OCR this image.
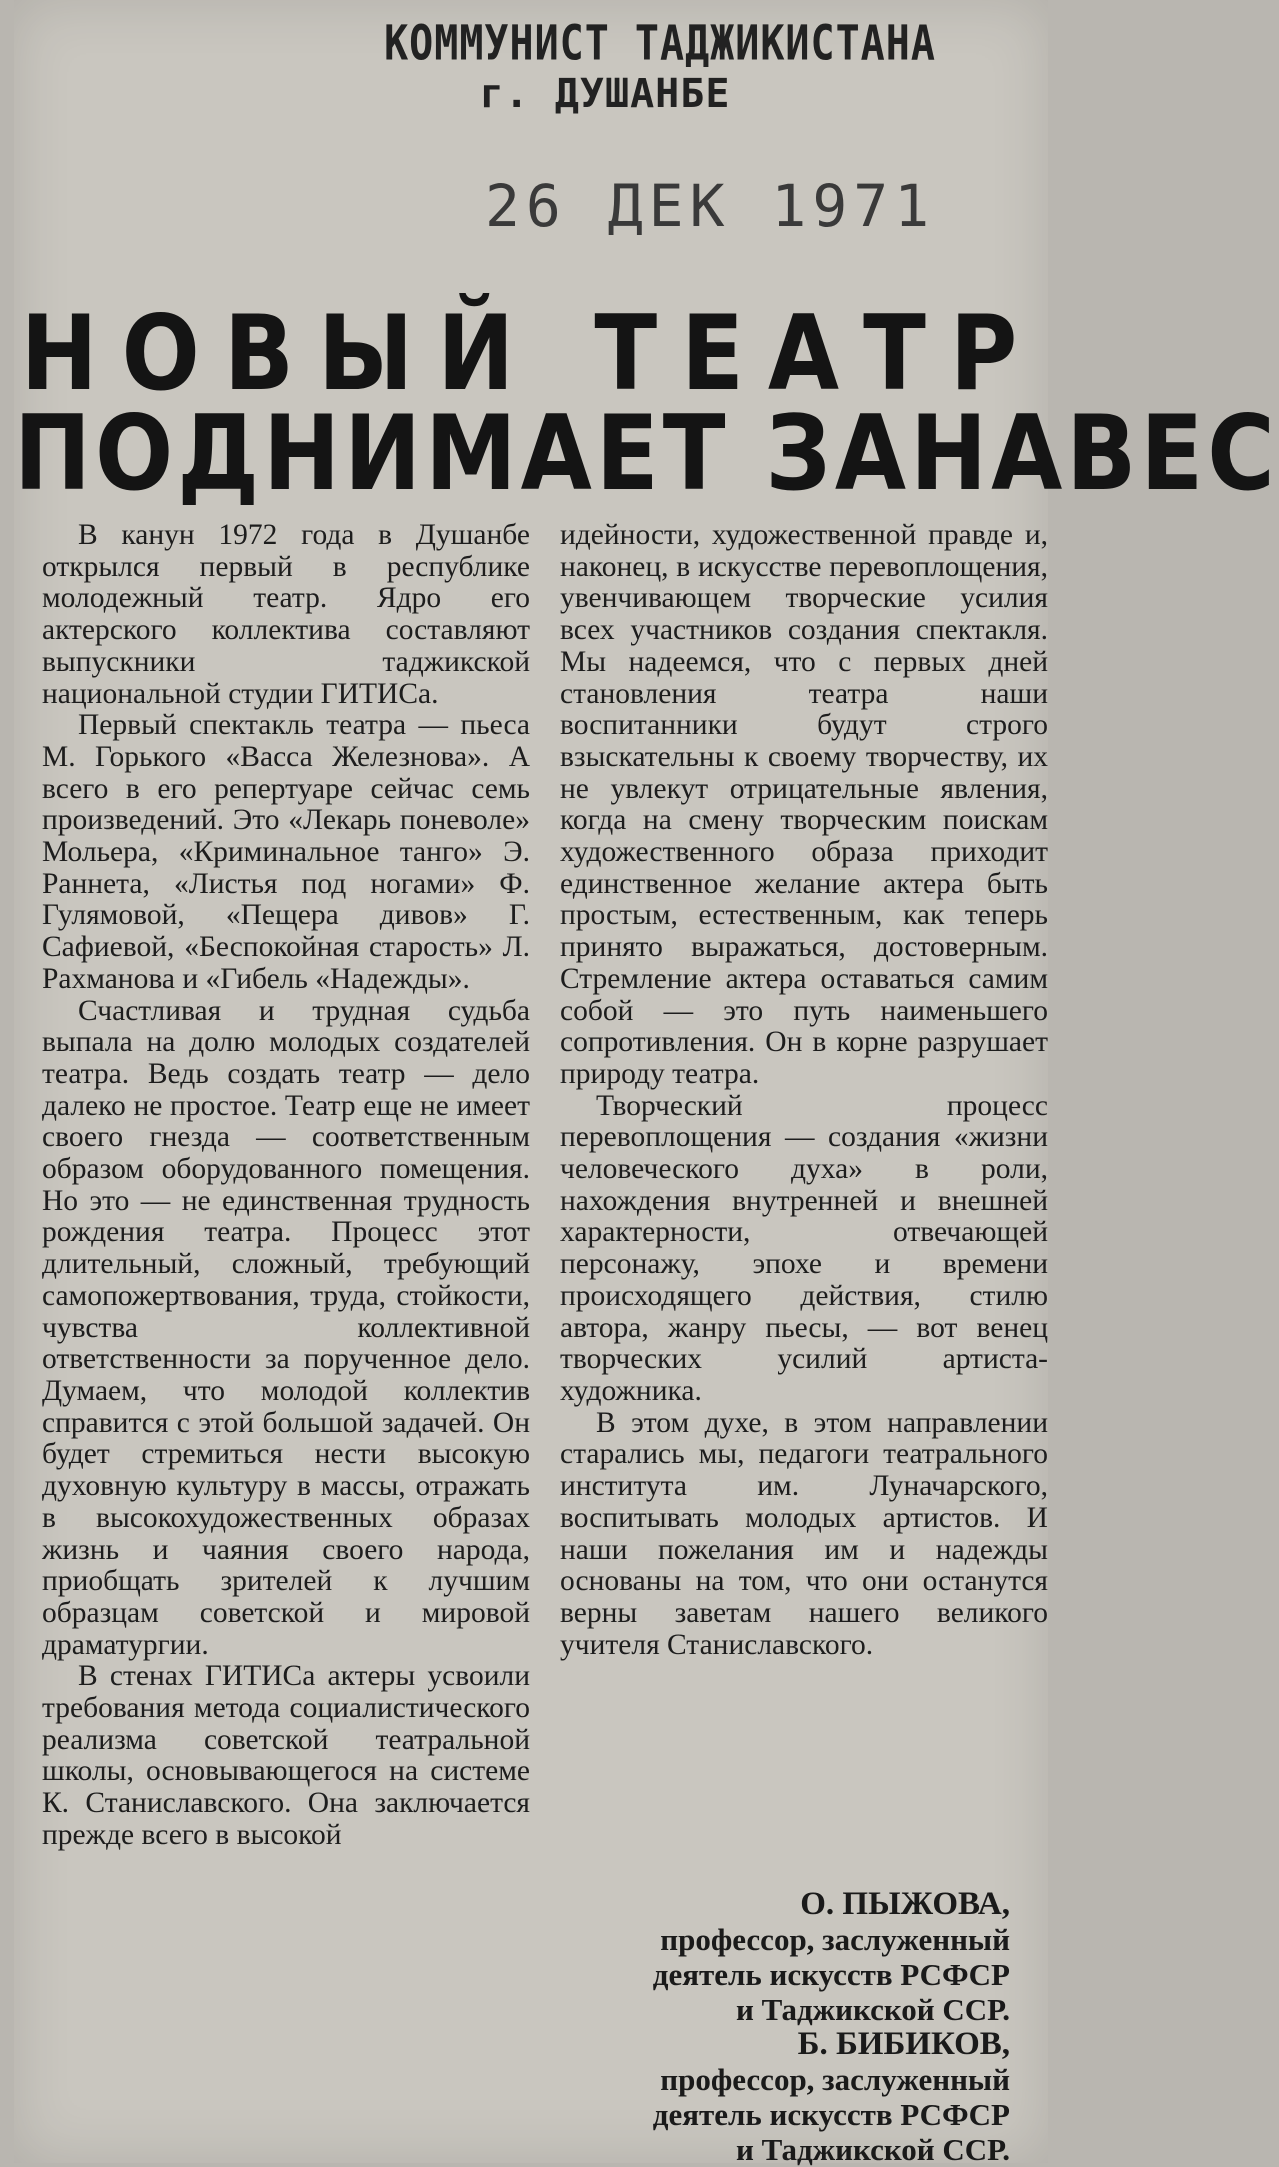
КОММУНИСТ ТАДЖИКИСТАНА
г. ДУШАНБЕ
26 ДЕК 1971
НОВЫЙ ТЕАТР
ПОДНИМАЕТ ЗАНАВЕС

В канун 1972 года в Душанбе открылся первый в республике молодежный театр. Ядро его актерского коллектива составляют выпускники таджикской национальной студии ГИТИСа.

Первый спектакль театра — пьеса М. Горького «Васса Железнова». А всего в его репертуаре сейчас семь произведений. Это «Лекарь поневоле» Мольера, «Криминальное танго» Э. Раннета, «Листья под ногами» Ф. Гулямовой, «Пещера дивов» Г. Сафиевой, «Беспокойная старость» Л. Рахманова и «Гибель «Надежды».

Счастливая и трудная судьба выпала на долю молодых создателей театра. Ведь создать театр — дело далеко не простое. Театр еще не имеет своего гнезда — соответственным образом оборудованного помещения. Но это — не единственная трудность рождения театра. Процесс этот длительный, сложный, требующий самопожертвования, труда, стойкости, чувства коллективной ответственности за порученное дело. Думаем, что молодой коллектив справится с этой большой задачей. Он будет стремиться нести высокую духовную культуру в массы, отражать в высокохудожественных образах жизнь и чаяния своего народа, приобщать зрителей к лучшим образцам советской и мировой драматургии.

В стенах ГИТИСа актеры усвоили требования метода социалистического реализма советской театральной школы, основывающегося на системе К. Станиславского. Она заключается прежде всего в высокой

идейности, художественной правде и, наконец, в искусстве перевоплощения, увенчивающем творческие усилия всех участников создания спектакля. Мы надеемся, что с первых дней становления театра наши воспитанники будут строго взыскательны к своему творчеству, их не увлекут отрицательные явления, когда на смену творческим поискам художественного образа приходит единственное желание актера быть простым, естественным, как теперь принято выражаться, достоверным. Стремление актера оставаться самим собой — это путь наименьшего сопротивления. Он в корне разрушает природу театра.

Творческий процесс перевоплощения — создания «жизни человеческого духа» в роли, нахождения внутренней и внешней характерности, отвечающей персонажу, эпохе и времени происходящего действия, стилю автора, жанру пьесы, — вот венец творческих усилий артиста-художника.

В этом духе, в этом направлении старались мы, педагоги театрального института им. Луначарского, воспитывать молодых артистов. И наши пожелания им и надежды основаны на том, что они останутся верны заветам нашего великого учителя Станиславского.

О. ПЫЖОВА,
профессор, заслуженный
деятель искусств РСФСР
и Таджикской ССР.
Б. БИБИКОВ,
профессор, заслуженный
деятель искусств РСФСР
и Таджикской ССР.
